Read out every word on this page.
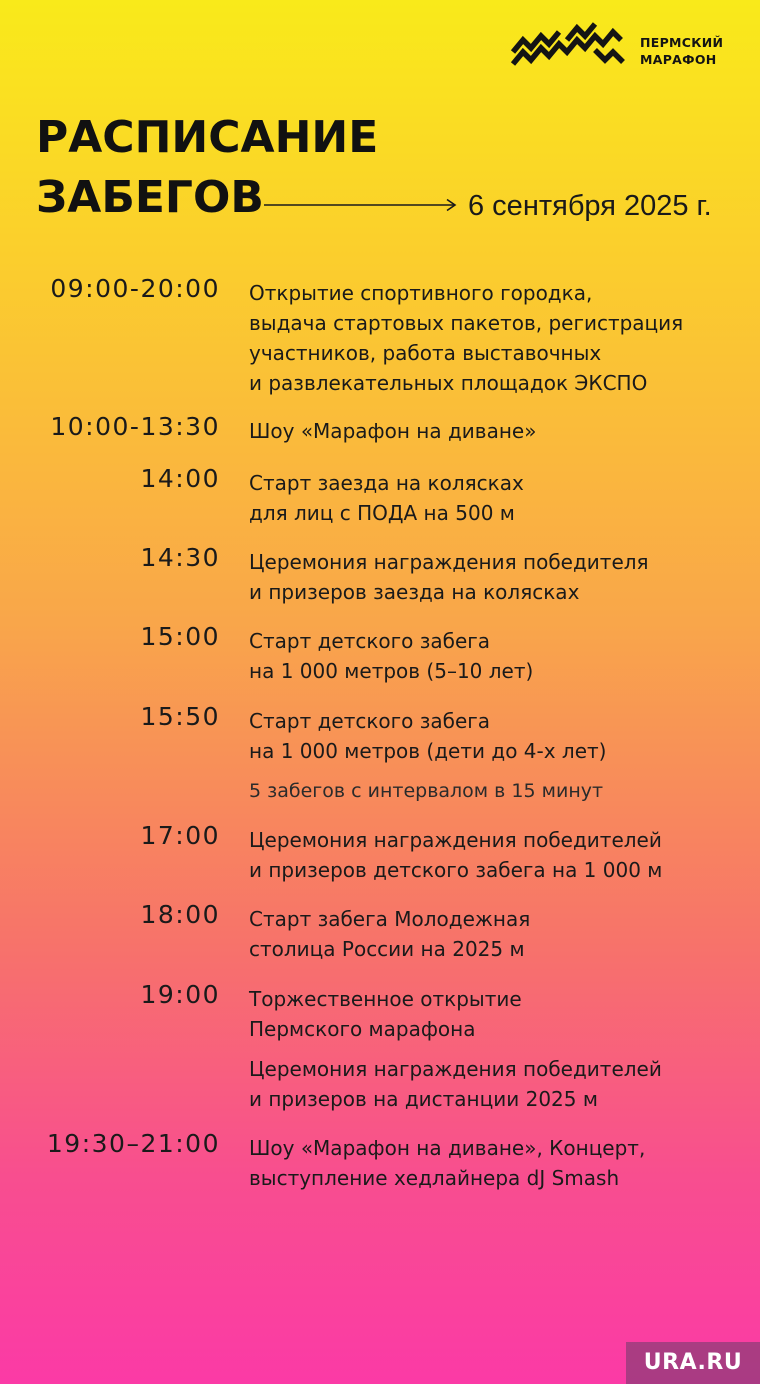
ПЕРМСКИЙ
МАРАФОН
РАСПИСАНИЕ
ЗАБЕГОВ	6 сентября 2025 г.
09:00-20:00 Открытие спортивного городка,
выдача стартовых пакетов, регистрация
участников, работа выставочных
и развлекательных площадок ЭКСПО
10:00-13:30 Шоу «Марафон на диване»
14:00 Старт заезда на колясках
для лиц с ПОДА на 500 м
14:30 Церемония награждения победителя
и призеров заезда на колясках
15:00 Старт детского забега
на 1 000 метров (5–10 лет)
15:50 Старт детского забега
на 1 000 метров (дети до 4-х лет)
5 забегов с интервалом в 15 минут
17:00 Церемония награждения победителей
и призеров детского забега на 1 000 м
18:00 Старт забега Молодежная
столица России на 2025 м
19:00 Торжественное открытие
Пермского марафона
Церемония награждения победителей
и призеров на дистанции 2025 м
19:30–21:00 Шоу «Марафон на диване», Концерт,
выступление хедлайнера dJ Smash
URA.RU
